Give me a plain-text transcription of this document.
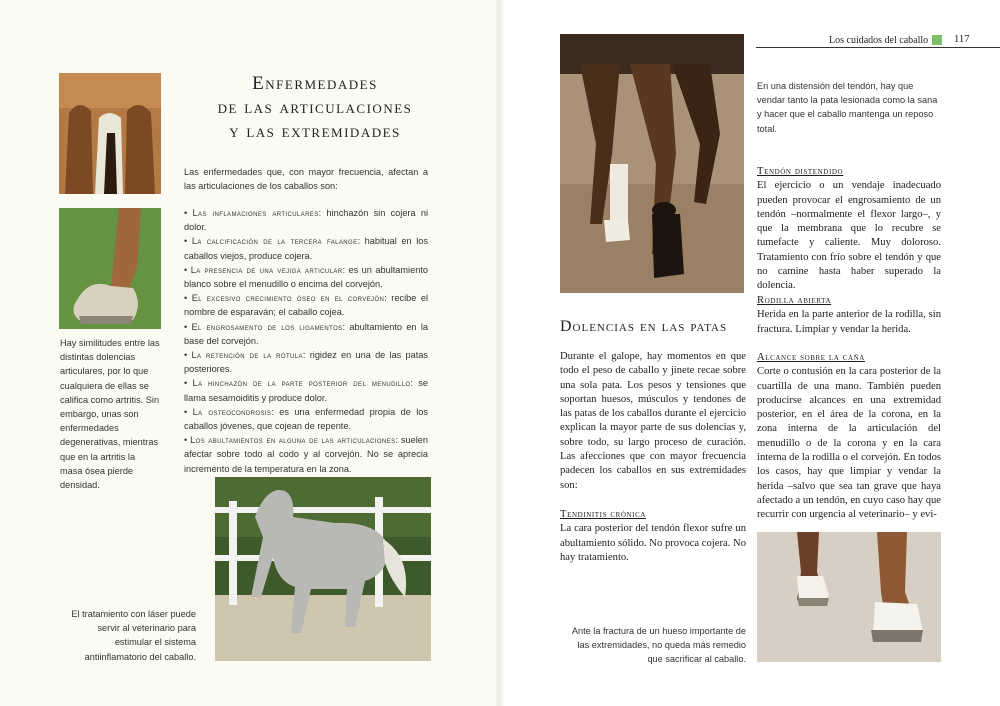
Enfermedades
de las articulaciones
y las extremidades

Las enfermedades que, con mayor frecuencia, afectan a las articulaciones de los caballos son:

• Las inflamaciones articulares: hinchazón sin cojera ni dolor.
• La calcificación de la tercera falange: habitual en los caballos viejos, produce cojera.
• La presencia de una vejiga articular: es un abultamiento blanco sobre el menudillo o encima del corvejón.
• El excesivo crecimiento óseo en el corvejón: recibe el nombre de esparaván; el caballo cojea.
• El engrosamento de los ligamentos: abultamiento en la base del corvejón.
• La retención de la rótula: rigidez en una de las patas posteriores.
• La hinchazón de la parte posterior del menudillo: se llama sesamoiditis y produce dolor.
• La osteocondrosis: es una enfermedad propia de los caballos jóvenes, que cojean de repente.
• Los abultamientos en alguna de las articulaciones: suelen afectar sobre todo al codo y al corvejón. No se aprecia incremento de la temperatura en la zona.

Hay similitudes entre las distintas dolencias articulares, por lo que cualquiera de ellas se califica como artritis. Sin embargo, unas son enfermedades degenerativas, mientras que en la artritis la masa ósea pierde densidad.

El tratamiento con láser puede servir al veterinario para estimular el sistema antiinflamatorio del caballo.

Los cuidados del caballo 117

En una distensión del tendón, hay que vendar tanto la pata lesionada como la sana y hacer que el caballo mantenga un reposo total.

Tendón distendido
El ejercicio o un vendaje inadecuado pueden provocar el engrosamiento de un tendón –normalmente el flexor largo–, y que la membrana que lo recubre se tumefacte y caliente. Muy doloroso. Tratamiento con frío sobre el tendón y que no camine hasta haber superado la dolencia.
Rodilla abierta
Herida en la parte anterior de la rodilla, sin fractura. Limpiar y vendar la herida.
Alcance sobre la caña
Corte o contusión en la cara posterior de la cuartilla de una mano. También pueden producirse alcances en una extremidad posterior, en el área de la corona, en la zona interna de la articulación del menudillo o de la corona y en la cara interna de la rodilla o el corvejón. En todos los casos, hay que limpiar y vendar la herida –salvo que sea tan grave que haya afectado a un tendón, en cuyo caso hay que recurrir con urgencia al veterinario– y evi-
Dolencias en las patas

Durante el galope, hay momentos en que todo el peso de caballo y jinete recae sobre una sola pata. Los pesos y tensiones que soportan huesos, músculos y tendones de las patas de los caballos durante el ejercicio explican la mayor parte de sus dolencias y, sobre todo, su largo proceso de curación. Las afecciones que con mayor frecuencia padecen los caballos en sus extremidades son:

Tendinitis crónica
La cara posterior del tendón flexor sufre un abultamiento sólido. No provoca cojera. No hay tratamiento.

Ante la fractura de un hueso importante de las extremidades, no queda más remedio que sacrificar al caballo.
